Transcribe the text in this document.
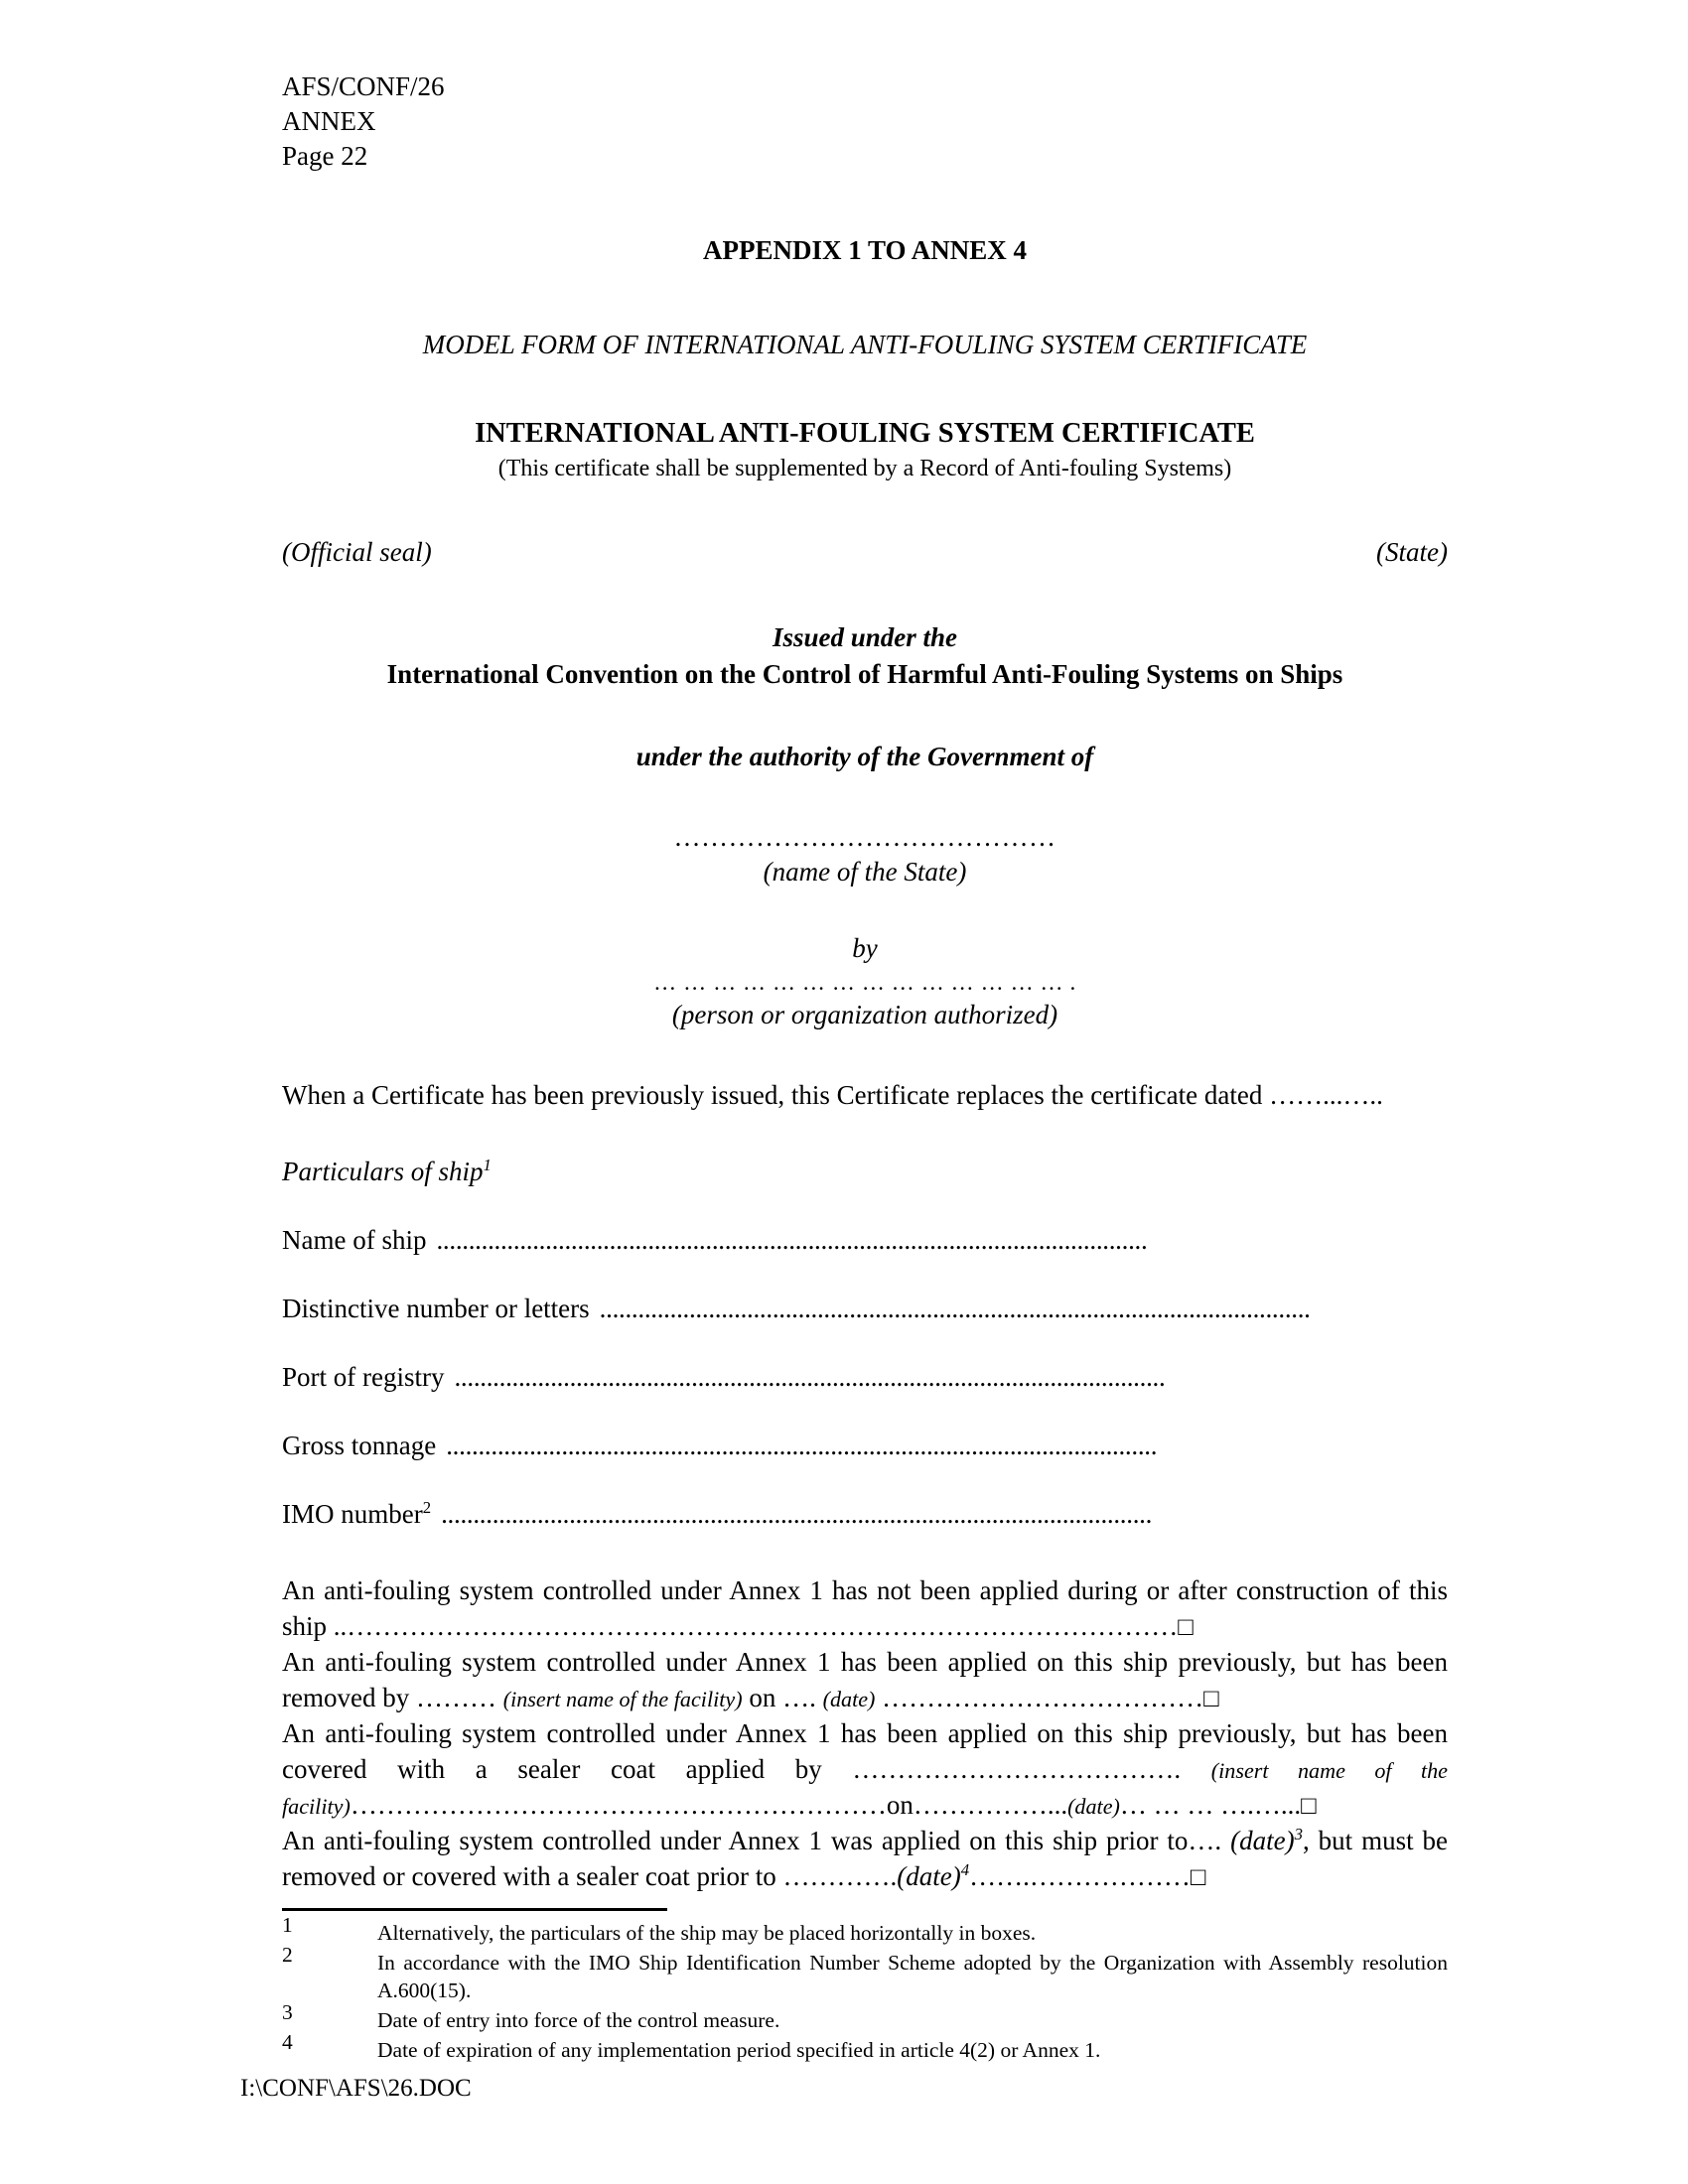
AFS/CONF/26
ANNEX
Page 22
APPENDIX 1 TO ANNEX 4
MODEL FORM OF INTERNATIONAL ANTI-FOULING SYSTEM CERTIFICATE
INTERNATIONAL ANTI-FOULING SYSTEM CERTIFICATE
(This certificate shall be supplemented by a Record of Anti-fouling Systems)
(Official seal)	(State)
Issued under the
International Convention on the Control of Harmful Anti-Fouling Systems on Ships
under the authority of the Government of
……………………………………
(name of the State)
by
… … … … … … … … … … … … … … .
(person or organization authorized)
When a Certificate has been previously issued, this Certificate replaces the certificate dated ……...…..
Particulars of ship$^1$
Name of ship ...............................................................................................................
Distinctive number or letters ...............................................................................................................
Port of registry ...............................................................................................................
Gross tonnage ...............................................................................................................
IMO number$^2$ ...............................................................................................................

An anti-fouling system controlled under Annex 1 has not been applied during or after construction of this ship ..…………………………………………………………………………………□

An anti-fouling system controlled under Annex 1 has been applied on this ship previously, but has been removed by ……… (insert name of the facility) on …. (date) ………………………………□

An anti-fouling system controlled under Annex 1 has been applied on this ship previously, but has been covered with a sealer coat applied by ………………………………. (insert name of the facility)……………………………………………………on……………...(date)… … … ….…...□

An anti-fouling system controlled under Annex 1 was applied on this ship prior to…. (date)$^3$, but must be removed or covered with a sealer coat prior to ………….(date)$^4$…….………………□

$^1$	Alternatively, the particulars of the ship may be placed horizontally in boxes.
$^2$	In accordance with the IMO Ship Identification Number Scheme adopted by the Organization with Assembly resolution A.600(15).
$^3$	Date of entry into force of the control measure.
$^4$	Date of expiration of any implementation period specified in article 4(2) or Annex 1.
I:\CONF\AFS\26.DOC
